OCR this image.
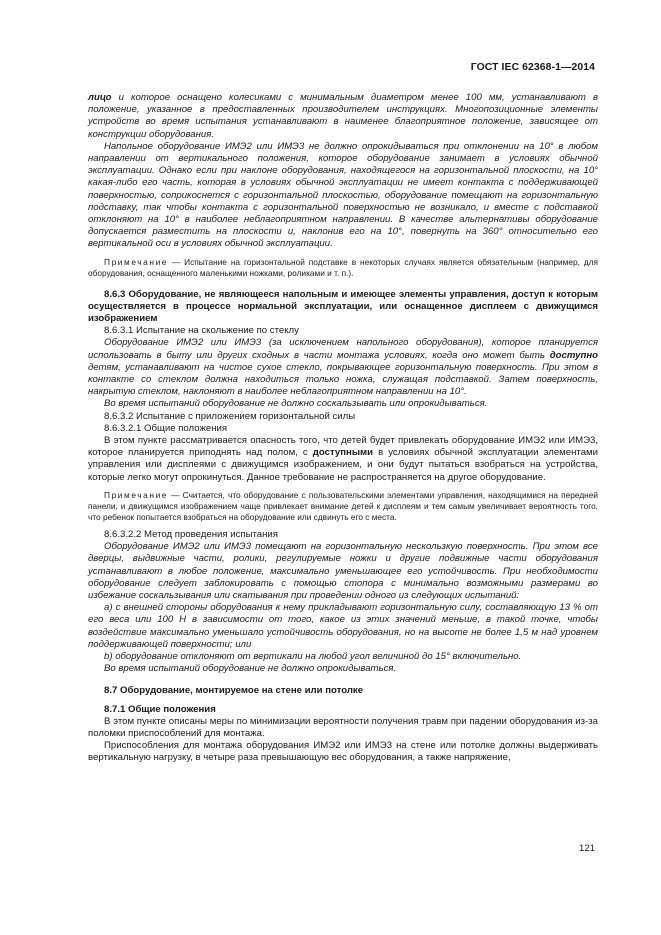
ГОСТ IEC 62368-1—2014

лицо и которое оснащено колесиками с минимальным диаметром менее 100 мм, устанавливают в положение, указанное в предоставленных производителем инструкциях. Многопозиционные элементы устройств во время испытания устанавливают в наименее благоприятное положение, зависящее от конструкции оборудования.

Напольное оборудование ИМЭ2 или ИМЭ3 не должно опрокидываться при отклонении на 10° в любом направлении от вертикального положения, которое оборудование занимает в условиях обычной эксплуатации. Однако если при наклоне оборудования, находящегося на горизонтальной плоскости, на 10° какая-либо его часть, которая в условиях обычной эксплуатации не имеет контакта с поддерживающей поверхностью, соприкоснется с горизонтальной плоскостью, оборудование помещают на горизонтальную подставку, так чтобы контакта с горизонтальной поверхностью не возникало, и вместе с подставкой отклоняют на 10° в наиболее неблагоприятном направлении. В качестве альтернативы оборудование допускается разместить на плоскости и, наклонив его на 10°, повернуть на 360° относительно его вертикальной оси в условиях обычной эксплуатации.

Примечание — Испытание на горизонтальной подставке в некоторых случаях является обязательным (например, для оборудования, оснащенного маленькими ножками, роликами и т. п.).

8.6.3 Оборудование, не являющееся напольным и имеющее элементы управления, доступ к которым осуществляется в процессе нормальной эксплуатации, или оснащенное дисплеем с движущимся изображением

8.6.3.1 Испытание на скольжение по стеклу

Оборудование ИМЭ2 или ИМЭ3 (за исключением напольного оборудования), которое планируется использовать в быту или других сходных в части монтажа условиях, когда оно может быть доступно детям, устанавливают на чистое сухое стекло, покрывающее горизонтальную поверхность. При этом в контакте со стеклом должна находиться только ножка, служащая подставкой. Затем поверхность, накрытую стеклом, наклоняют в наиболее неблагоприятном направлении на 10°.

Во время испытаний оборудование не должно соскальзывать или опрокидываться.

8.6.3.2 Испытание с приложением горизонтальной силы

8.6.3.2.1 Общие положения

В этом пункте рассматривается опасность того, что детей будет привлекать оборудование ИМЭ2 или ИМЭ3, которое планируется приподнять над полом, с доступными в условиях обычной эксплуатации элементами управления или дисплеями с движущимся изображением, и они будут пытаться взобраться на устройства, которые легко могут опрокинуться. Данное требование не распространяется на другое оборудование.

Примечание — Считается, что оборудование с пользовательскими элементами управления, находящимися на передней панели, и движущимся изображением чаще привлекает внимание детей к дисплеям и тем самым увеличивает вероятность того, что ребенок попытается взобраться на оборудование или сдвинуть его с места.

8.6.3.2.2 Метод проведения испытания

Оборудование ИМЭ2 или ИМЭ3 помещают на горизонтальную нескользкую поверхность. При этом все дверцы, выдвижные части, ролики, регулируемые ножки и другие подвижные части оборудования устанавливают в любое положение, максимально уменьшающее его устойчивость. При необходимости оборудование следует заблокировать с помощью стопора с минимально возможными размерами во избежание соскальзывания или скатывания при проведении одного из следующих испытаний:

а) с внешней стороны оборудования к нему прикладывают горизонтальную силу, составляющую 13 % от его веса или 100 Н в зависимости от того, какое из этих значений меньше, в такой точке, чтобы воздействие максимально уменьшало устойчивость оборудования, но на высоте не более 1,5 м над уровнем поддерживающей поверхности; или

b) оборудование отклоняют от вертикали на любой угол величиной до 15° включительно.

Во время испытаний оборудование не должно опрокидываться.

8.7 Оборудование, монтируемое на стене или потолке

8.7.1 Общие положения

В этом пункте описаны меры по минимизации вероятности получения травм при падении оборудования из-за поломки приспособлений для монтажа.

Приспособления для монтажа оборудования ИМЭ2 или ИМЭ3 на стене или потолке должны выдерживать вертикальную нагрузку, в четыре раза превышающую вес оборудования, а также напряжение,

121
